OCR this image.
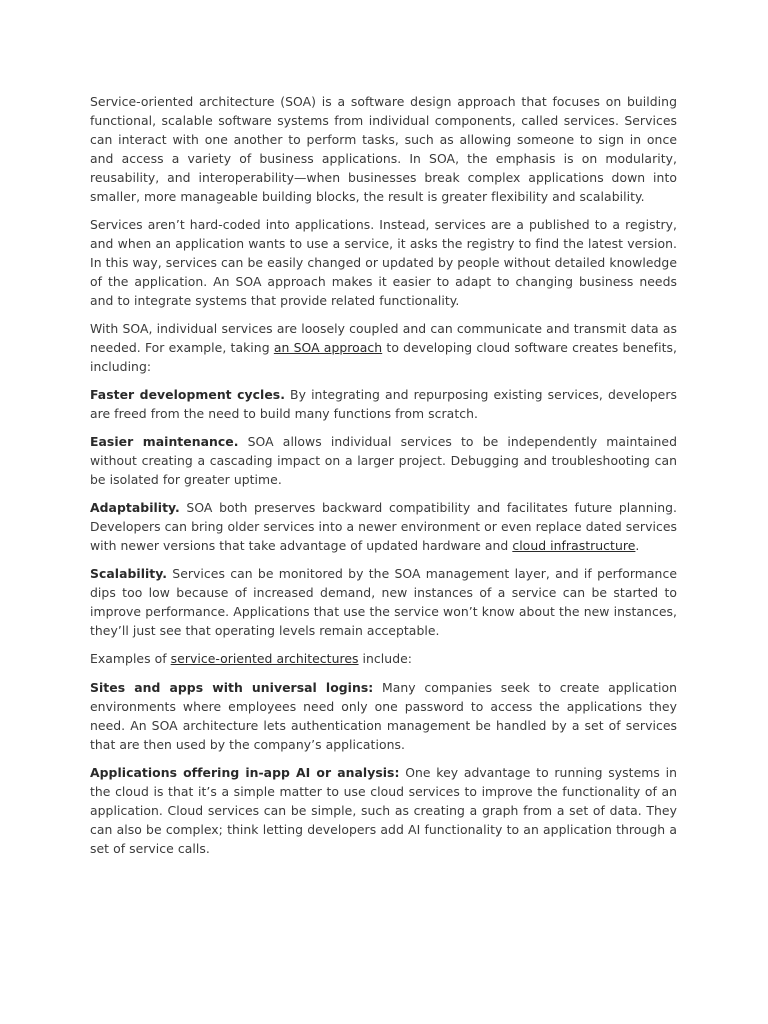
Service-oriented architecture (SOA) is a software design approach that focuses on building functional, scalable software systems from individual components, called services. Services can interact with one another to perform tasks, such as allowing someone to sign in once and access a variety of business applications. In SOA, the emphasis is on modularity, reusability, and interoperability—when businesses break complex applications down into smaller, more manageable building blocks, the result is greater flexibility and scalability.

Services aren’t hard-coded into applications. Instead, services are a published to a registry, and when an application wants to use a service, it asks the registry to find the latest version. In this way, services can be easily changed or updated by people without detailed knowledge of the application. An SOA approach makes it easier to adapt to changing business needs and to integrate systems that provide related functionality.

With SOA, individual services are loosely coupled and can communicate and transmit data as needed. For example, taking an SOA approach to developing cloud software creates benefits, including:

Faster development cycles. By integrating and repurposing existing services, developers are freed from the need to build many functions from scratch.

Easier maintenance. SOA allows individual services to be independently maintained without creating a cascading impact on a larger project. Debugging and troubleshooting can be isolated for greater uptime.

Adaptability. SOA both preserves backward compatibility and facilitates future planning. Developers can bring older services into a newer environment or even replace dated services with newer versions that take advantage of updated hardware and cloud infrastructure.

Scalability. Services can be monitored by the SOA management layer, and if performance dips too low because of increased demand, new instances of a service can be started to improve performance. Applications that use the service won’t know about the new instances, they’ll just see that operating levels remain acceptable.

Examples of service-oriented architectures include:

Sites and apps with universal logins: Many companies seek to create application environments where employees need only one password to access the applications they need. An SOA architecture lets authentication management be handled by a set of services that are then used by the company’s applications.

Applications offering in-app AI or analysis: One key advantage to running systems in the cloud is that it’s a simple matter to use cloud services to improve the functionality of an application. Cloud services can be simple, such as creating a graph from a set of data. They can also be complex; think letting developers add AI functionality to an application through a set of service calls.
